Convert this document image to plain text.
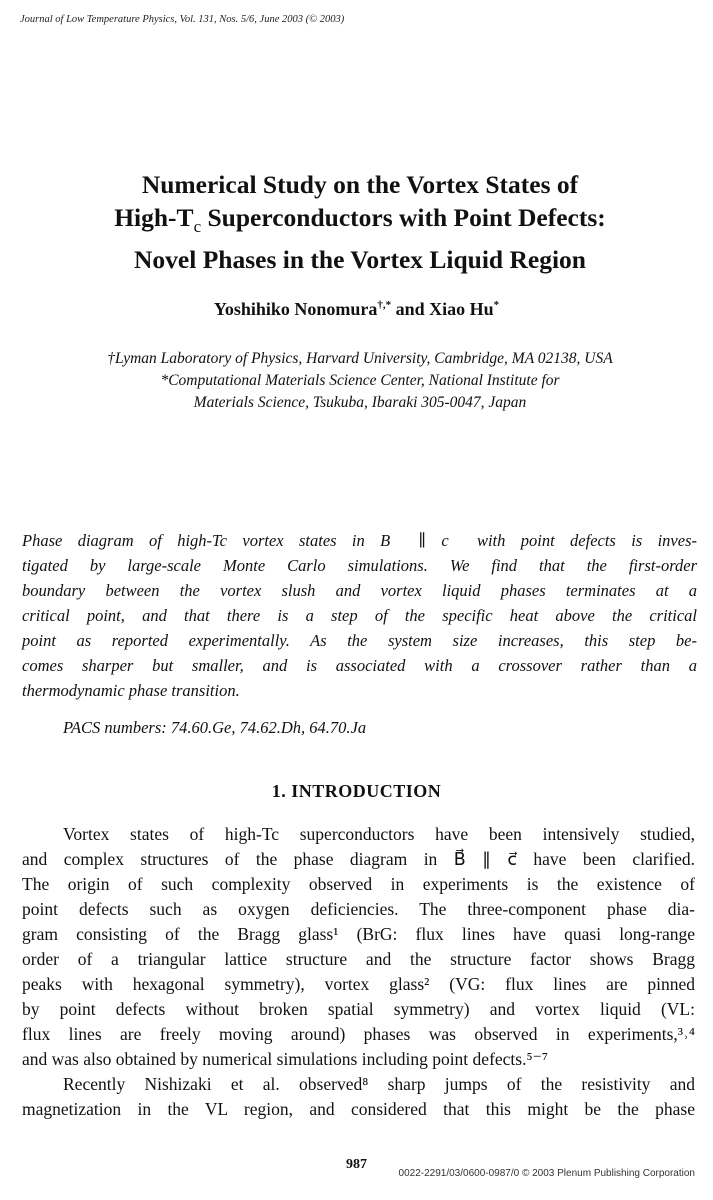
Journal of Low Temperature Physics, Vol. 131, Nos. 5/6, June 2003 (© 2003)
Numerical Study on the Vortex States of
High-$T_c$ Superconductors with Point Defects:
Novel Phases in the Vortex Liquid Region
Yoshihiko Nonomura†,* and Xiao Hu*
†Lyman Laboratory of Physics, Harvard University, Cambridge, MA 02138, USA
*Computational Materials Science Center, National Institute for
Materials Science, Tsukuba, Ibaraki 305-0047, Japan
Phase diagram of high-Tc vortex states in B⃗ ∥ c⃗ with point defects is inves-
tigated by large-scale Monte Carlo simulations. We find that the first-order
boundary between the vortex slush and vortex liquid phases terminates at a
critical point, and that there is a step of the specific heat above the critical
point as reported experimentally. As the system size increases, this step be-
comes sharper but smaller, and is associated with a crossover rather than a
thermodynamic phase transition.
PACS numbers: 74.60.Ge, 74.62.Dh, 64.70.Ja
1. INTRODUCTION
Vortex states of high-Tc superconductors have been intensively studied,
and complex structures of the phase diagram in B⃗ ∥ c⃗ have been clarified.
The origin of such complexity observed in experiments is the existence of
point defects such as oxygen deficiencies. The three-component phase dia-
gram consisting of the Bragg glass¹ (BrG: flux lines have quasi long-range
order of a triangular lattice structure and the structure factor shows Bragg
peaks with hexagonal symmetry), vortex glass² (VG: flux lines are pinned
by point defects without broken spatial symmetry) and vortex liquid (VL:
flux lines are freely moving around) phases was observed in experiments,³˒⁴
and was also obtained by numerical simulations including point defects.⁵⁻⁷
Recently Nishizaki et al. observed⁸ sharp jumps of the resistivity and
magnetization in the VL region, and considered that this might be the phase
987
0022-2291/03/0600-0987/0 © 2003 Plenum Publishing Corporation
